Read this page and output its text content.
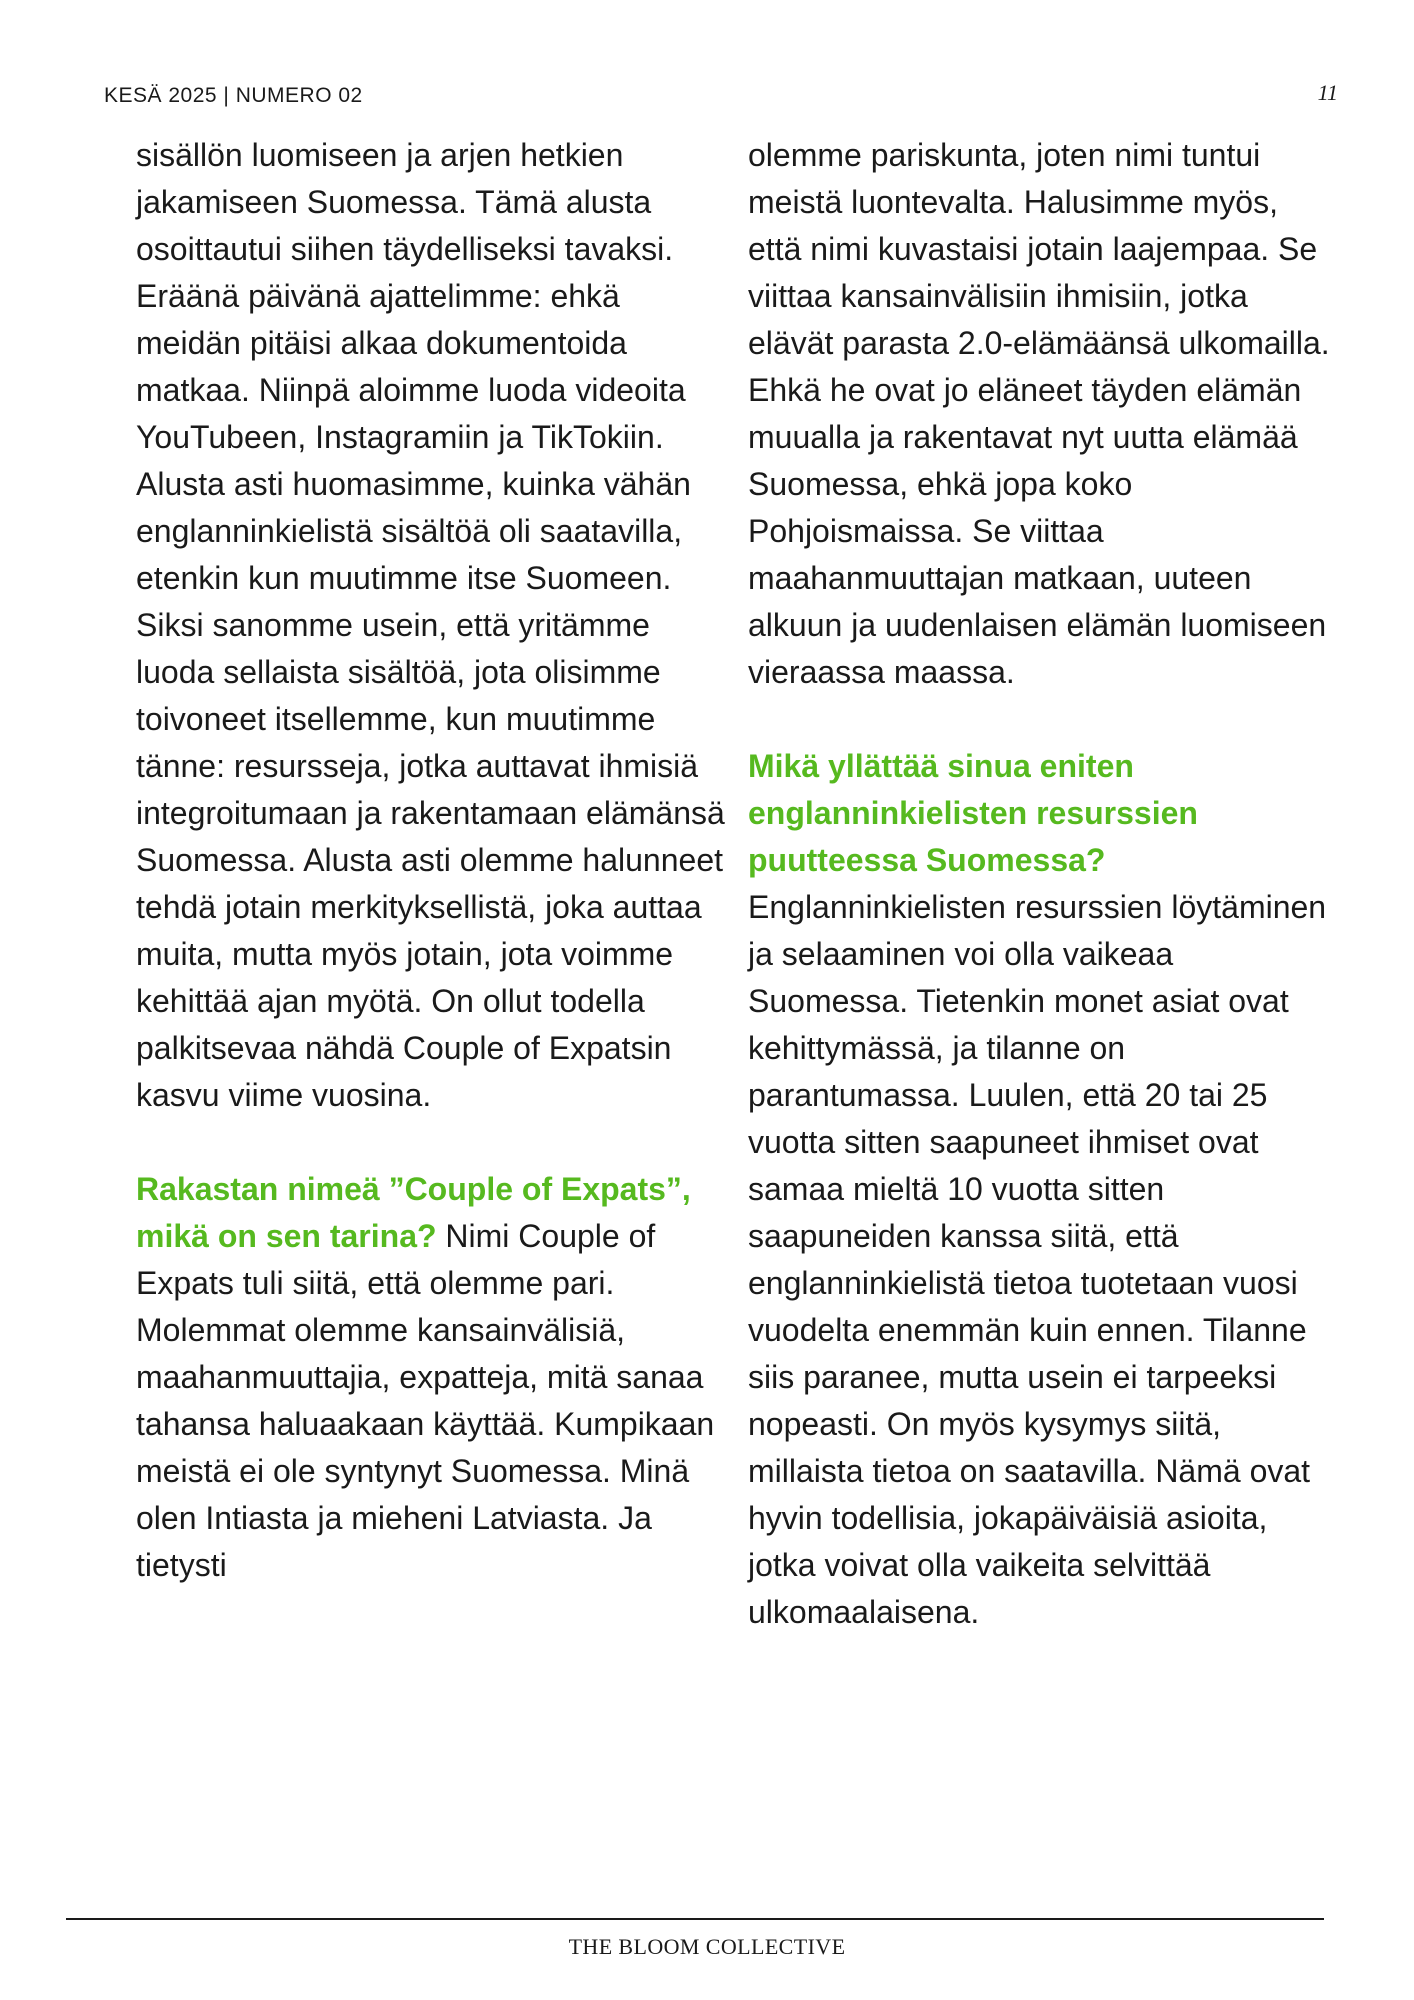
KESÄ 2025 | NUMERO 02	11

sisällön luomiseen ja arjen hetkien jakamiseen Suomessa. Tämä alusta osoittautui siihen täydelliseksi tavaksi. Eräänä päivänä ajattelimme: ehkä meidän pitäisi alkaa dokumentoida matkaa. Niinpä aloimme luoda videoita YouTubeen, Instagramiin ja TikTokiin. Alusta asti huomasimme, kuinka vähän englanninkielistä sisältöä oli saatavilla, etenkin kun muutimme itse Suomeen. Siksi sanomme usein, että yritämme luoda sellaista sisältöä, jota olisimme toivoneet itsellemme, kun muutimme tänne: resursseja, jotka auttavat ihmisiä integroitumaan ja rakentamaan elämänsä Suomessa. Alusta asti olemme halunneet tehdä jotain merkityksellistä, joka auttaa muita, mutta myös jotain, jota voimme kehittää ajan myötä. On ollut todella palkitsevaa nähdä Couple of Expatsin kasvu viime vuosina.

Rakastan nimeä ”Couple of Expats”, mikä on sen tarina? Nimi Couple of Expats tuli siitä, että olemme pari. Molemmat olemme kansainvälisiä, maahanmuuttajia, expatteja, mitä sanaa tahansa haluaakaan käyttää. Kumpikaan meistä ei ole syntynyt Suomessa. Minä olen Intiasta ja mieheni Latviasta. Ja tietysti

olemme pariskunta, joten nimi tuntui meistä luontevalta. Halusimme myös, että nimi kuvastaisi jotain laajempaa. Se viittaa kansainvälisiin ihmisiin, jotka elävät parasta 2.0-elämäänsä ulkomailla. Ehkä he ovat jo eläneet täyden elämän muualla ja rakentavat nyt uutta elämää Suomessa, ehkä jopa koko Pohjoismaissa. Se viittaa maahanmuuttajan matkaan, uuteen alkuun ja uudenlaisen elämän luomiseen vieraassa maassa.

Mikä yllättää sinua eniten englanninkielisten resurssien puutteessa Suomessa?
Englanninkielisten resurssien löytäminen ja selaaminen voi olla vaikeaa Suomessa. Tietenkin monet asiat ovat kehittymässä, ja tilanne on parantumassa. Luulen, että 20 tai 25 vuotta sitten saapuneet ihmiset ovat samaa mieltä 10 vuotta sitten saapuneiden kanssa siitä, että englanninkielistä tietoa tuotetaan vuosi vuodelta enemmän kuin ennen. Tilanne siis paranee, mutta usein ei tarpeeksi nopeasti. On myös kysymys siitä, millaista tietoa on saatavilla. Nämä ovat hyvin todellisia, jokapäiväisiä asioita, jotka voivat olla vaikeita selvittää ulkomaalaisena.

THE BLOOM COLLECTIVE
